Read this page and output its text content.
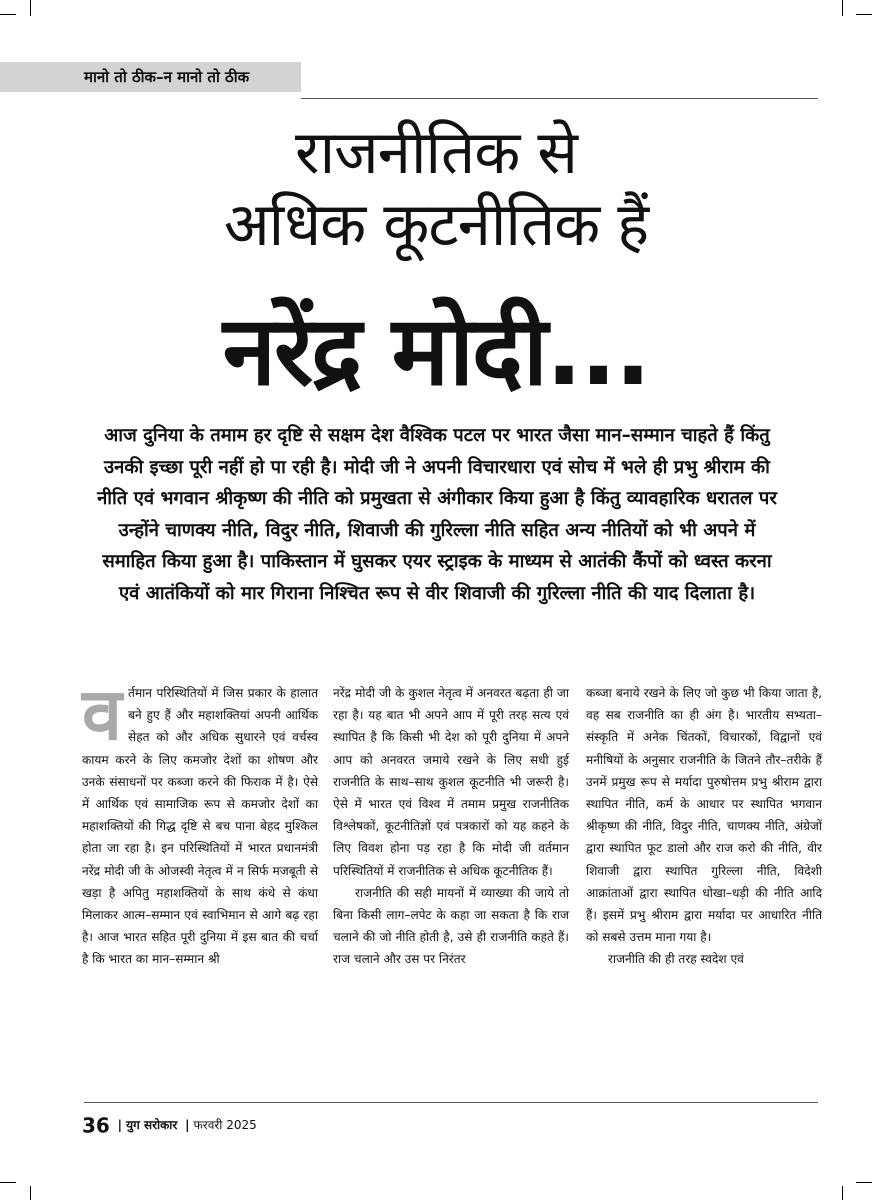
मानो तो ठीक–न मानो तो ठीक
राजनीतिक से
अधिक कूटनीतिक हैं
नरेंद्र मोदी...

आज दुनिया के तमाम हर दृष्टि से सक्षम देश वैश्विक पटल पर भारत जैसा मान–सम्मान चाहते हैं किंतु उनकी इच्छा पूरी नहीं हो पा रही है। मोदी जी ने अपनी विचारधारा एवं सोच में भले ही प्रभु श्रीराम की नीति एवं भगवान श्रीकृष्ण की नीति को प्रमुखता से अंगीकार किया हुआ है किंतु व्यावहारिक धरातल पर उन्होंने चाणक्य नीति, विदुर नीति, शिवाजी की गुरिल्ला नीति सहित अन्य नीतियों को भी अपने में समाहित किया हुआ है। पाकिस्तान में घुसकर एयर स्ट्राइक के माध्यम से आतंकी कैंपों को ध्वस्त करना एवं आतंकियों को मार गिराना निश्चित रूप से वीर शिवाजी की गुरिल्ला नीति की याद दिलाता है।

वर्तमान परिस्थितियों में जिस प्रकार के हालात बने हुए हैं और महाशक्तियां अपनी आर्थिक सेहत को और अधिक सुधारने एवं वर्चस्व कायम करने के लिए कमजोर देशों का शोषण और उनके संसाधनों पर कब्जा करने की फिराक में है। ऐसे में आर्थिक एवं सामाजिक रूप से कमजोर देशों का महाशक्तियों की गिद्ध दृष्टि से बच पाना बेहद मुश्किल होता जा रहा है। इन परिस्थितियों में भारत प्रधानमंत्री नरेंद्र मोदी जी के ओजस्वी नेतृत्व में न सिर्फ मजबूती से खड़ा है अपितु महाशक्तियों के साथ कंधे से कंधा मिलाकर आत्म–सम्मान एवं स्वाभिमान से आगे बढ़ रहा है। आज भारत सहित पूरी दुनिया में इस बात की चर्चा है कि भारत का मान–सम्मान श्री

नरेंद्र मोदी जी के कुशल नेतृत्व में अनवरत बढ़ता ही जा रहा है। यह बात भी अपने आप में पूरी तरह सत्य एवं स्थापित है कि किसी भी देश को पूरी दुनिया में अपने आप को अनवरत जमाये रखने के लिए सधी हुई राजनीति के साथ–साथ कुशल कूटनीति भी जरूरी है। ऐसे में भारत एवं विश्व में तमाम प्रमुख राजनीतिक विश्लेषकों, कूटनीतिज्ञों एवं पत्रकारों को यह कहने के लिए विवश होना पड़ रहा है कि मोदी जी वर्तमान परिस्थितियों में राजनीतिक से अधिक कूटनीतिक हैं।

राजनीति की सही मायनों में व्याख्या की जाये तो बिना किसी लाग–लपेट के कहा जा सकता है कि राज चलाने की जो नीति होती है, उसे ही राजनीति कहते हैं। राज चलाने और उस पर निरंतर

कब्जा बनाये रखने के लिए जो कुछ भी किया जाता है, वह सब राजनीति का ही अंग है। भारतीय सभ्यता–संस्कृति में अनेक चिंतकों, विचारकों, विद्वानों एवं मनीषियों के अनुसार राजनीति के जितने तौर–तरीके हैं उनमें प्रमुख रूप से मर्यादा पुरुषोत्तम प्रभु श्रीराम द्वारा स्थापित नीति, कर्म के आधार पर स्थापित भगवान श्रीकृष्ण की नीति, विदुर नीति, चाणक्य नीति, अंग्रेजों द्वारा स्थापित फूट डालो और राज करो की नीति, वीर शिवाजी द्वारा स्थापित गुरिल्ला नीति, विदेशी आक्रांताओं द्वारा स्थापित धोखा–धड़ी की नीति आदि हैं। इसमें प्रभु श्रीराम द्वारा मर्यादा पर आधारित नीति को सबसे उत्तम माना गया है।

राजनीति की ही तरह स्वदेश एवं

36 | युग सरोकार | फरवरी 2025
